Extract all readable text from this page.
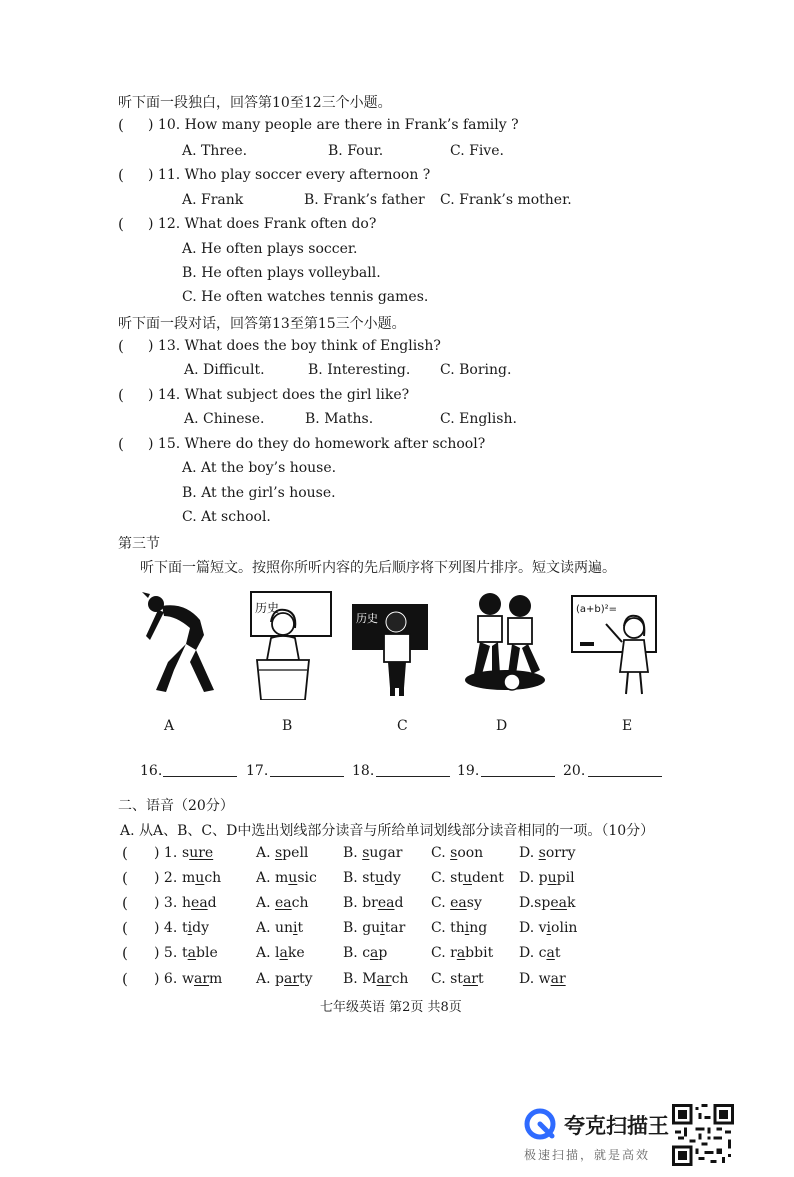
听下面一段独白，回答第10至12三个小题。
( ) 10. How many people are there in Frank’s family ?
A. Three.	B. Four.	C. Five.
( ) 11. Who play soccer every afternoon ?
A. Frank	B. Frank’s father C. Frank’s mother.
( ) 12. What does Frank often do?
A. He often plays soccer.
B. He often plays volleyball.
C. He often watches tennis games.
听下面一段对话，回答第13至第15三个小题。
( ) 13. What does the boy think of English?
A. Difficult.	B. Interesting. C. Boring.
( ) 14. What subject does the girl like?
A. Chinese.	B. Maths.	C. English.
( ) 15. Where do they do homework after school?
A. At the boy’s house.
B. At the girl’s house.
C. At school.
第三节
听下面一篇短文。按照你所听内容的先后顺序将下列图片排序。短文读两遍。
A
历史
B
历史
C	D
(a+b)²=
E
16.	17.	18.	19.	20.
二、语音（20分）
A. 从A、B、C、D中选出划线部分读音与所给单词划线部分读音相同的一项。（10分）
( ) 1. sure	A. spell B. sugar C. soon	D. sorry
( ) 2. much A. music B. study C. student D. pupil
( ) 3. head	A. each B. bread C. easy	D.speak
( ) 4. tidy	A. unit	B. guitar C. thing D. violin
( ) 5. table	A. lake	B. cap	C. rabbit D. cat
( ) 6. warm A. party B. March C. start	D. war
七年级英语 第2页 共8页
夸克扫描王
极速扫描，就是高效
